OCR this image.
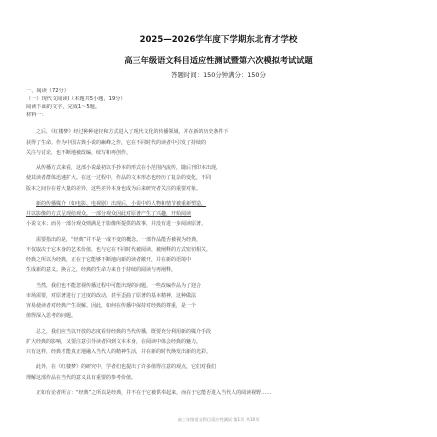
2025—2026学年度下学期东北育才学校
高三年级语文科目适应性测试暨第六次模拟考试试题
答题时间：150分钟满分：150分
一、阅读（72分）
（一）现代文阅读Ⅰ（本题共5小题，19分）
阅读下面的文字，完成1～5题。
材料一：
之后，《红楼梦》经过种种途径和方式进入了现代文化的传播领域，并在新的历史条件下
获得了生命。作为中国古典小说的巅峰之作，它在不同时代的读者中引发了持续的
关注与讨论，也不断地被改编、续写和再创作。
从传播方式来看，这部小说最初以手抄本的形式在小范围内流传，随后刊印本出现，
使其读者群体迅速扩大。在这一过程中，作品的文本形态也经历了复杂的变化，不同
版本之间存在着大量的差异，这些差异本身也成为后来研究者关注的重要对象。
新的传播媒介（如电影、电视剧）出现后，小说中的人物和情节被重新塑造，
并以影像的方式呈现给观众。一部分观众因此对原著产生了兴趣，开始阅读
小说文本；而另一部分观众则满足于影像所提供的故事，并没有进一步阅读原著。
需要指出的是，“经典”并不是一成不变的概念。一部作品能否被视为经典，
不仅取决于它本身的艺术价值，也与它在不同时代被阅读、被阐释的方式密切相关。
经典之所以为经典，正在于它能够不断地向新的读者敞开，并在新的语境中
生成新的意义。换言之，经典的生命力来自于持续的阅读与再阐释。
当然，我们也不能忽视传播过程中可能出现的问题。一些改编作品为了迎合
市场需要，对原著进行了过度的改动，甚至歪曲了原著的基本精神，这种做法
容易使读者对经典产生误解。因此，如何在传播中保持对经典的尊重，是一个
值得深入思考的问题。
总之，我们应当以开放的态度看待经典的当代传播，既要充分利用新的媒介手段
扩大经典的影响，又要注意引导读者回到文本本身，在阅读中体会经典的魅力。
只有这样，经典才能真正地融入当代人的精神生活，并在新的时代焕发出新的光彩。
此外，在《红楼梦》的研究中，学者们也提出了许多值得注意的观点，它们对我们
理解这部作品在当代的意义具有重要的参考价值。
正如有论者所言：“经典”之所以是经典，并不在于它被供奉起来，而在于它能否进入当代人的阅读视野……
高三年级语文科目适应性测试 第1页 共10页
